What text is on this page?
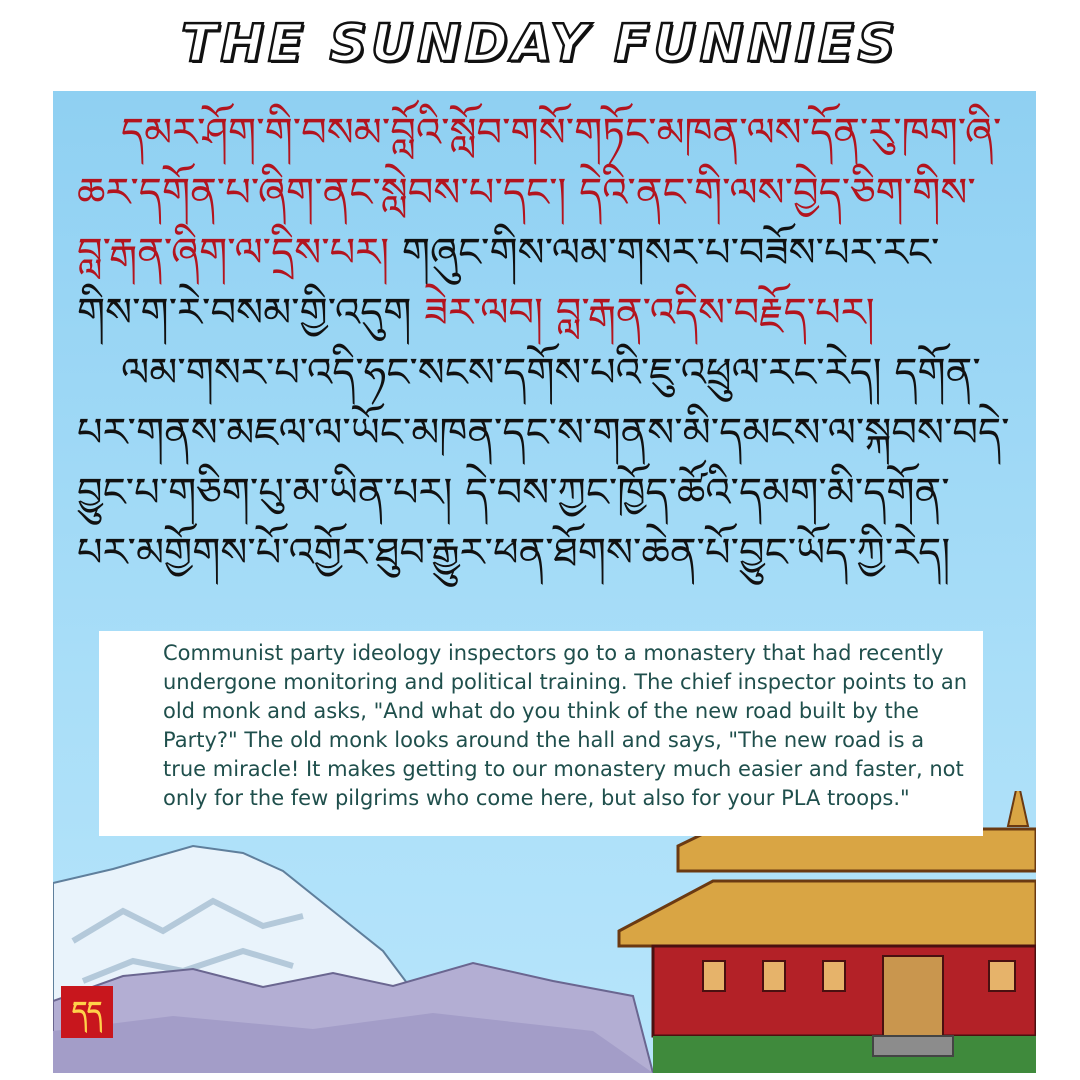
THE SUNDAY FUNNIES

དམར་ཤོག་གི་བསམ་བློའི་སློབ་གསོ་གཏོང་མཁན་ལས་དོན་རུ་ཁག་ཞི་

ཆར་དགོན་པ་ཞིག་ནང་སླེབས་པ་དང་། དེའི་ནང་གི་ལས་བྱེད་ཅིག་གིས་

བླ་རྒན་ཞིག་ལ་དྲིས་པར། གཞུང་གིས་ལམ་གསར་པ་བཟོས་པར་རང་

གིས་ག་རེ་བསམ་གྱི་འདུག ཟེར་ལབ། བླ་རྒན་འདིས་བརྗོད་པར།

ལམ་གསར་པ་འདི་ཧང་སངས་དགོས་པའི་ཇུ་འཕྲུལ་རང་རེད། དགོན་

པར་གནས་མཇལ་ལ་ཡོང་མཁན་དང་ས་གནས་མི་དམངས་ལ་སྐབས་བདེ་

བྱུང་པ་གཅིག་པུ་མ་ཡིན་པར། དེ་བས་ཀྱང་ཁྱོད་ཚོའི་དམག་མི་དགོན་

པར་མགྱོགས་པོ་འགྱོར་ཐུབ་རྒྱུར་ཕན་ཐོགས་ཆེན་པོ་བྱུང་ཡོད་ཀྱི་རེད།

Communist party ideology inspectors go to a monastery that had recently undergone monitoring and political training. The chief inspector points to an old monk and asks, "And what do you think of the new road built by the Party?" The old monk looks around the hall and says, "The new road is a true miracle! It makes getting to our monastery much easier and faster, not only for the few pilgrims who come here, but also for your PLA troops."
དད
